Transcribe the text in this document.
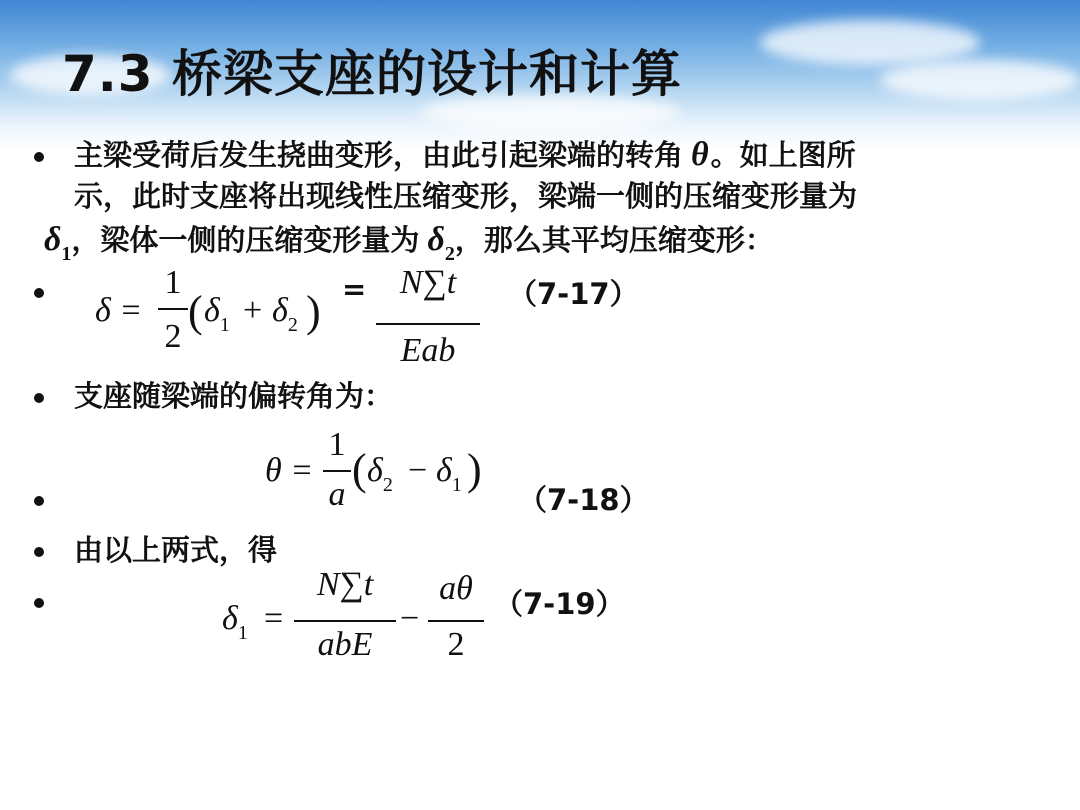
7.3 桥梁支座的设计和计算

主梁受荷后发生挠曲变形，由此引起梁端的转角 θ。如上图所

示，此时支座将出现线性压缩变形，梁端一侧的压缩变形量为

$\delta_1$，梁体一侧的压缩变形量为 $\delta_2$，那么其平均压缩变形：

δ =
1
2
( $\delta_1 + \delta_2$ ) = N∑t
Eab
（7-17）

支座随梁端的偏转角为：

θ =
1
a
( $\delta_2 - \delta_1$ )
（7-18）

由以上两式，得

$\delta_1$ =
N∑t
abE
−
aθ
2
（7-19）
